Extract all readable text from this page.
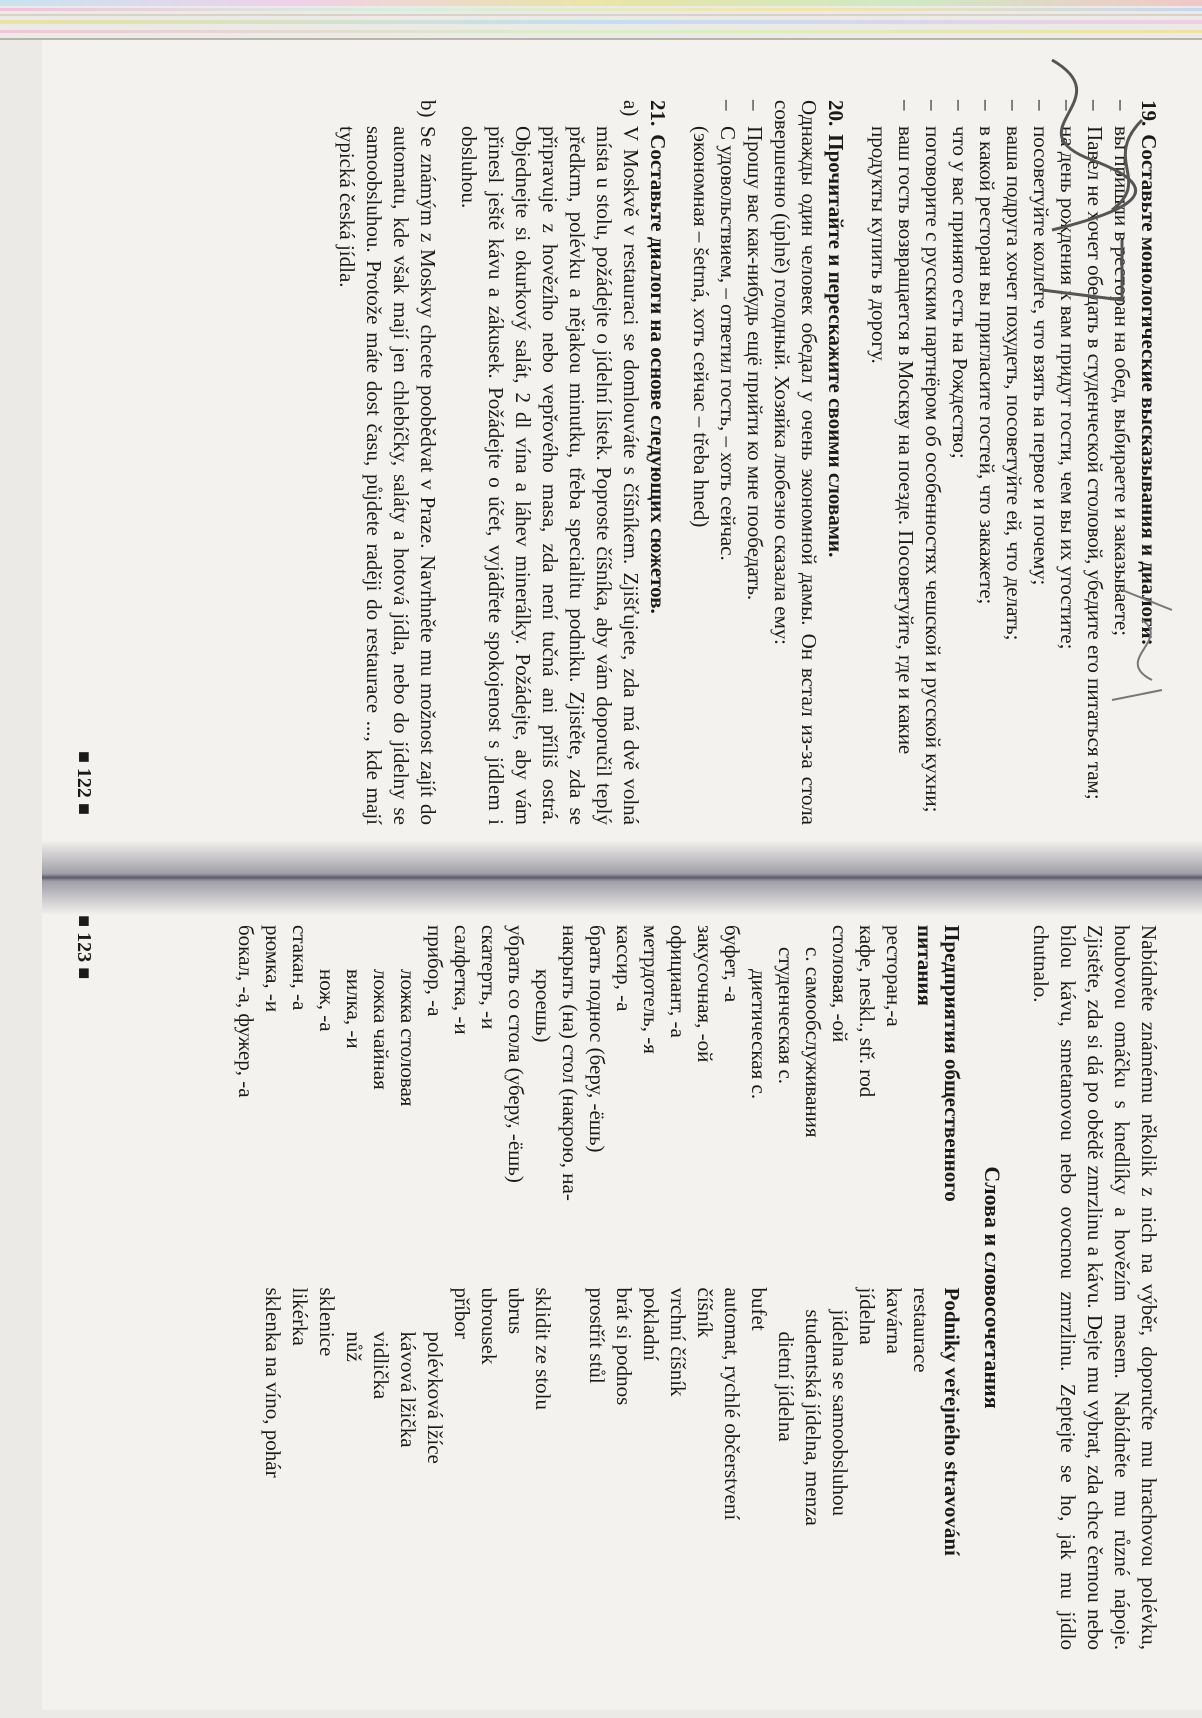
19.Составьте монологические высказывания и диалоги:
– вы пришли в ресторан на обед, выбираете и заказываете;
– Павел не хочет обедать в студенческой столовой, убедите его питаться там;
– на день рождения к вам придут гости, чем вы их угостите;
– посоветуйте коллеге, что взять на первое и почему;
– ваша подруга хочет похудеть, посоветуйте ей, что делать;
– в какой ресторан вы пригласите гостей, что закажете;
– что у вас принято есть на Рождество;
– поговорите с русским партнёром об особенностях чешской и русской кухни;
– ваш гость возвращается в Москву на поезде. Посоветуйте, где и какие продукты купить в дорогу.
20.Прочитайте и перескажите своими словами.
Однажды один человек обедал у очень экономной дамы. Он встал из-за стола совершенно (úplně) голодный. Хозяйка любезно сказала ему:
– Прошу вас как-нибудь ещё прийти ко мне пообедать.
– С удовольствием, – ответил гость, – хоть сейчас.
(экономная – šetrná, хоть сейчас – třeba hned)
21.Составьте диалоги на основе следующих сюжетов.
a)
V Moskvě v restauraci se domlouváte s číšníkem. Zjišťujete, zda má dvě volná místa u stolu, požádejte o jídelní lístek. Poproste číšníka, aby vám doporučil teplý předkrm, polévku a nějakou minutku, třeba specialitu podniku. Zjistěte, zda se připravuje z hovězího nebo vepřového masa, zda není tučná ani příliš ostrá. Objednejte si okurkový salát, 2 dl vína a láhev minerálky. Požádejte, aby vám přinesl ještě kávu a zákusek. Požádejte o účet, vyjádřete spokojenost s jídlem i obsluhou.
b)
Se známým z Moskvy chcete poobědvat v Praze. Navrhněte mu možnost zajít do automatu, kde však mají jen chlebíčky, saláty a hotová jídla, nebo do jídelny se samoobsluhou. Protože máte dost času, půjdete raději do restaurace ..., kde mají typická česká jídla.
■ 122 ■
Nabídněte známému několik z nich na výběr, doporučte mu hrachovou polévku, houbovou omáčku s knedlíky a hovězím masem. Nabídněte mu různé nápoje. Zjistěte, zda si dá po obědě zmrzlinu a kávu. Dejte mu vybrat, zda chce černou nebo bílou kávu, smetanovou nebo ovocnou zmrzlinu. Zeptejte se ho, jak mu jídlo chutnalo.
Слова и словосочетания
Предприятия общественного питания
ресторан,-а
кафе, neskl., stř. rod
столовая, -ой
с. самообслуживания
студенческая с.
диетическая с.
буфет, -а
закусочная, -ой
официант, -а
метрдотель, -я
кассир, -а
брать поднос (беру, -ёшь)
накрыть (на) стол (накрою, на-
кроешь)
убрать со стола (уберу, -ёшь)
скатерть, -и
салфетка, -и
прибор, -а
ложка столовая
ложка чайная
вилка, -и
нож, -а
стакан, -а
рюмка, -и
бокал, -а, фужер, -а
Podniky veřejného stravování
restaurace
kavárna
jídelna
jídelna se samoobsluhou
studentská jídelna, menza
dietní jídelna
bufet
automat, rychlé občerstvení
číšník
vrchní číšník
pokladní
brát si podnos
prostřít stůl

sklidit ze stolu
ubrus
ubrousek
příbor
polévková lžíce
kávová lžička
vidlička
nůž
sklenice
likérka
sklenka na víno, pohár
■ 123 ■
